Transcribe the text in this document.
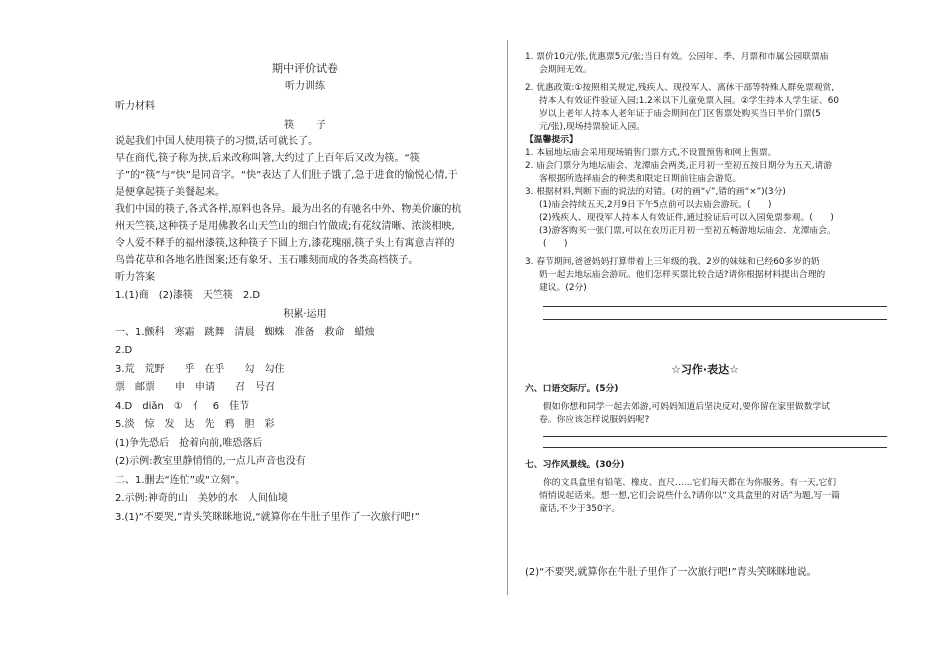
期中评价试卷

听力训练

听力材料

筷子

说起我们中国人使用筷子的习惯,话可就长了。

早在商代,筷子称为挟,后来改称叫箸,大约过了上百年后又改为筷。“筷

子”的“筷”与“快”是同音字。“快”表达了人们肚子饿了,急于进食的愉悦心情,于

是便拿起筷子美餐起来。

我们中国的筷子,各式各样,原料也各异。最为出名的有驰名中外、物美价廉的杭

州天竺筷,这种筷子是用佛教名山天竺山的细白竹做成;有花纹清晰、浓淡相映,

令人爱不释手的福州漆筷,这种筷子下圆上方,漆花瑰丽,筷子头上有寓意吉祥的

鸟兽花草和各地名胜图案;还有象牙、玉石雕刻而成的各类高档筷子。

听力答案

1.(1)商　(2)漆筷　天竺筷　2.D

积累·运用

一、1.颤科　寒霜　跳舞　清晨　蜘蛛　准备　救命　蜡烛

2.D

3.荒　荒野　　乎　在乎　　勾　勾住

票　邮票　　申　申请　　召　号召

4.D　diǎn　①　亻　6　佳节

5.淡　惊　发　达　先　鸦　胆　彩

(1)争先恐后　抢着向前,唯恐落后

(2)示例:教室里静悄悄的,一点儿声音也没有

二、1.删去“连忙”或“立刻”。

2.示例:神奇的山　美妙的水　人间仙境

3.(1)“不要哭,”青头笑眯眯地说,“就算你在牛肚子里作了一次旅行吧!”

1. 票价10元/张,优惠票5元/张;当日有效。公园年、季、月票和市属公园联票庙

会期间无效。

2. 优惠政策:①按照相关规定,残疾人、现役军人、离休干部等特殊人群免票观赏,

持本人有效证件验证入园;1.2米以下儿童免票入园。②学生持本人学生证、60

岁以上老年人持本人老年证于庙会期间在门区售票处购买当日半价门票(5

元/张),现场持票验证入园。

【温馨提示】

1. 本届地坛庙会采用现场销售门票方式,不设置预售和网上售票。

2. 庙会门票分为地坛庙会、龙潭庙会两类,正月初一至初五按日期分为五天,请游

客根据所选择庙会的种类和限定日期前往庙会游览。

3. 根据材料,判断下面的说法的对错。(对的画“√”,错的画“×”)(3分)

(1)庙会持续五天,2月9日下午5点前可以去庙会游玩。(　　)

(2)残疾人、现役军人持本人有效证件,通过验证后可以入园免票参观。(　　)

(3)游客购买一张门票,可以在农历正月初一至初五畅游地坛庙会、龙潭庙会。

(　　)

3. 春节期间,爸爸妈妈打算带着上三年级的我、2岁的妹妹和已经60多岁的奶

奶一起去地坛庙会游玩。他们怎样买票比较合适?请你根据材料提出合理的

建议。(2分)

☆习作·表达☆

六、口语交际厅。(5分)

假如你想和同学一起去郊游,可妈妈知道后坚决反对,要你留在家里做数学试

卷。你应该怎样说服妈妈呢?

七、习作风景线。(30分)

你的文具盒里有铅笔、橡皮、直尺……它们每天都在为你服务。有一天,它们

悄悄说起话来。想一想,它们会说些什么?请你以“文具盒里的对话”为题,写一篇

童话,不少于350字。

(2)“不要哭,就算你在牛肚子里作了一次旅行吧!”青头笑眯眯地说。
